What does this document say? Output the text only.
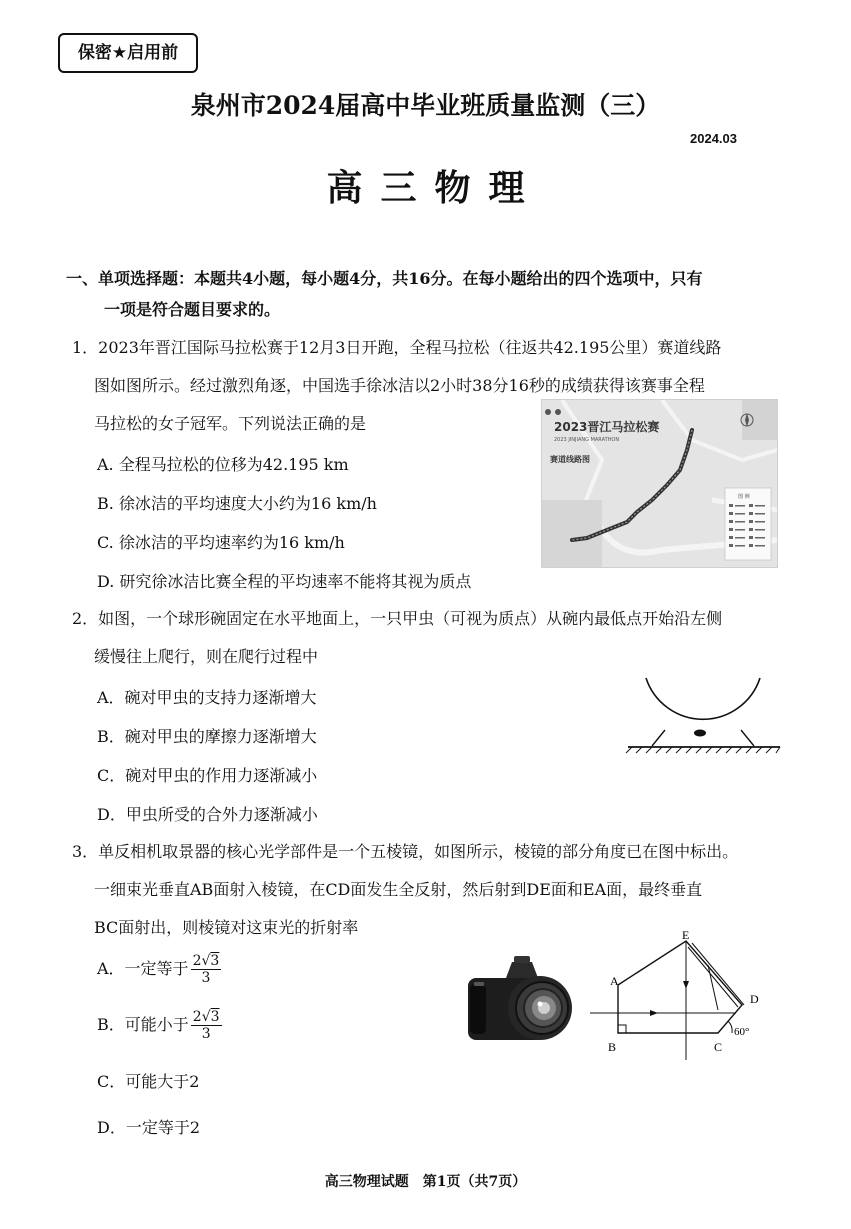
保密★启用前
泉州市2024届高中毕业班质量监测（三）
2024.03
高三物理
一、单项选择题：本题共4小题，每小题4分，共16分。在每小题给出的四个选项中，只有
一项是符合题目要求的。
1．2023年晋江国际马拉松赛于12月3日开跑，全程马拉松（往返共42.195公里）赛道线路
图如图所示。经过激烈角逐，中国选手徐冰洁以2小时38分16秒的成绩获得该赛事全程
马拉松的女子冠军。下列说法正确的是
A. 全程马拉松的位移为42.195 km
B. 徐冰洁的平均速度大小约为16 km/h
C. 徐冰洁的平均速率约为16 km/h
D. 研究徐冰洁比赛全程的平均速率不能将其视为质点
2023晋江马拉松赛
2023 JINJIANG MARATHON
赛道线路图
图 例
2．如图，一个球形碗固定在水平地面上，一只甲虫（可视为质点）从碗内最低点开始沿左侧
缓慢往上爬行，则在爬行过程中
A．碗对甲虫的支持力逐渐增大
B．碗对甲虫的摩擦力逐渐增大
C．碗对甲虫的作用力逐渐减小
D．甲虫所受的合外力逐渐减小
3．单反相机取景器的核心光学部件是一个五棱镜，如图所示，棱镜的部分角度已在图中标出。
一细束光垂直AB面射入棱镜，在CD面发生全反射，然后射到DE面和EA面，最终垂直
BC面射出，则棱镜对这束光的折射率
A．一定等于 $\frac{2√3}{3}$
B．可能小于 $\frac{2√3}{3}$
C．可能大于2
D．一定等于2
E
A
D
B	C
60°
高三物理试题　第1页（共7页）
